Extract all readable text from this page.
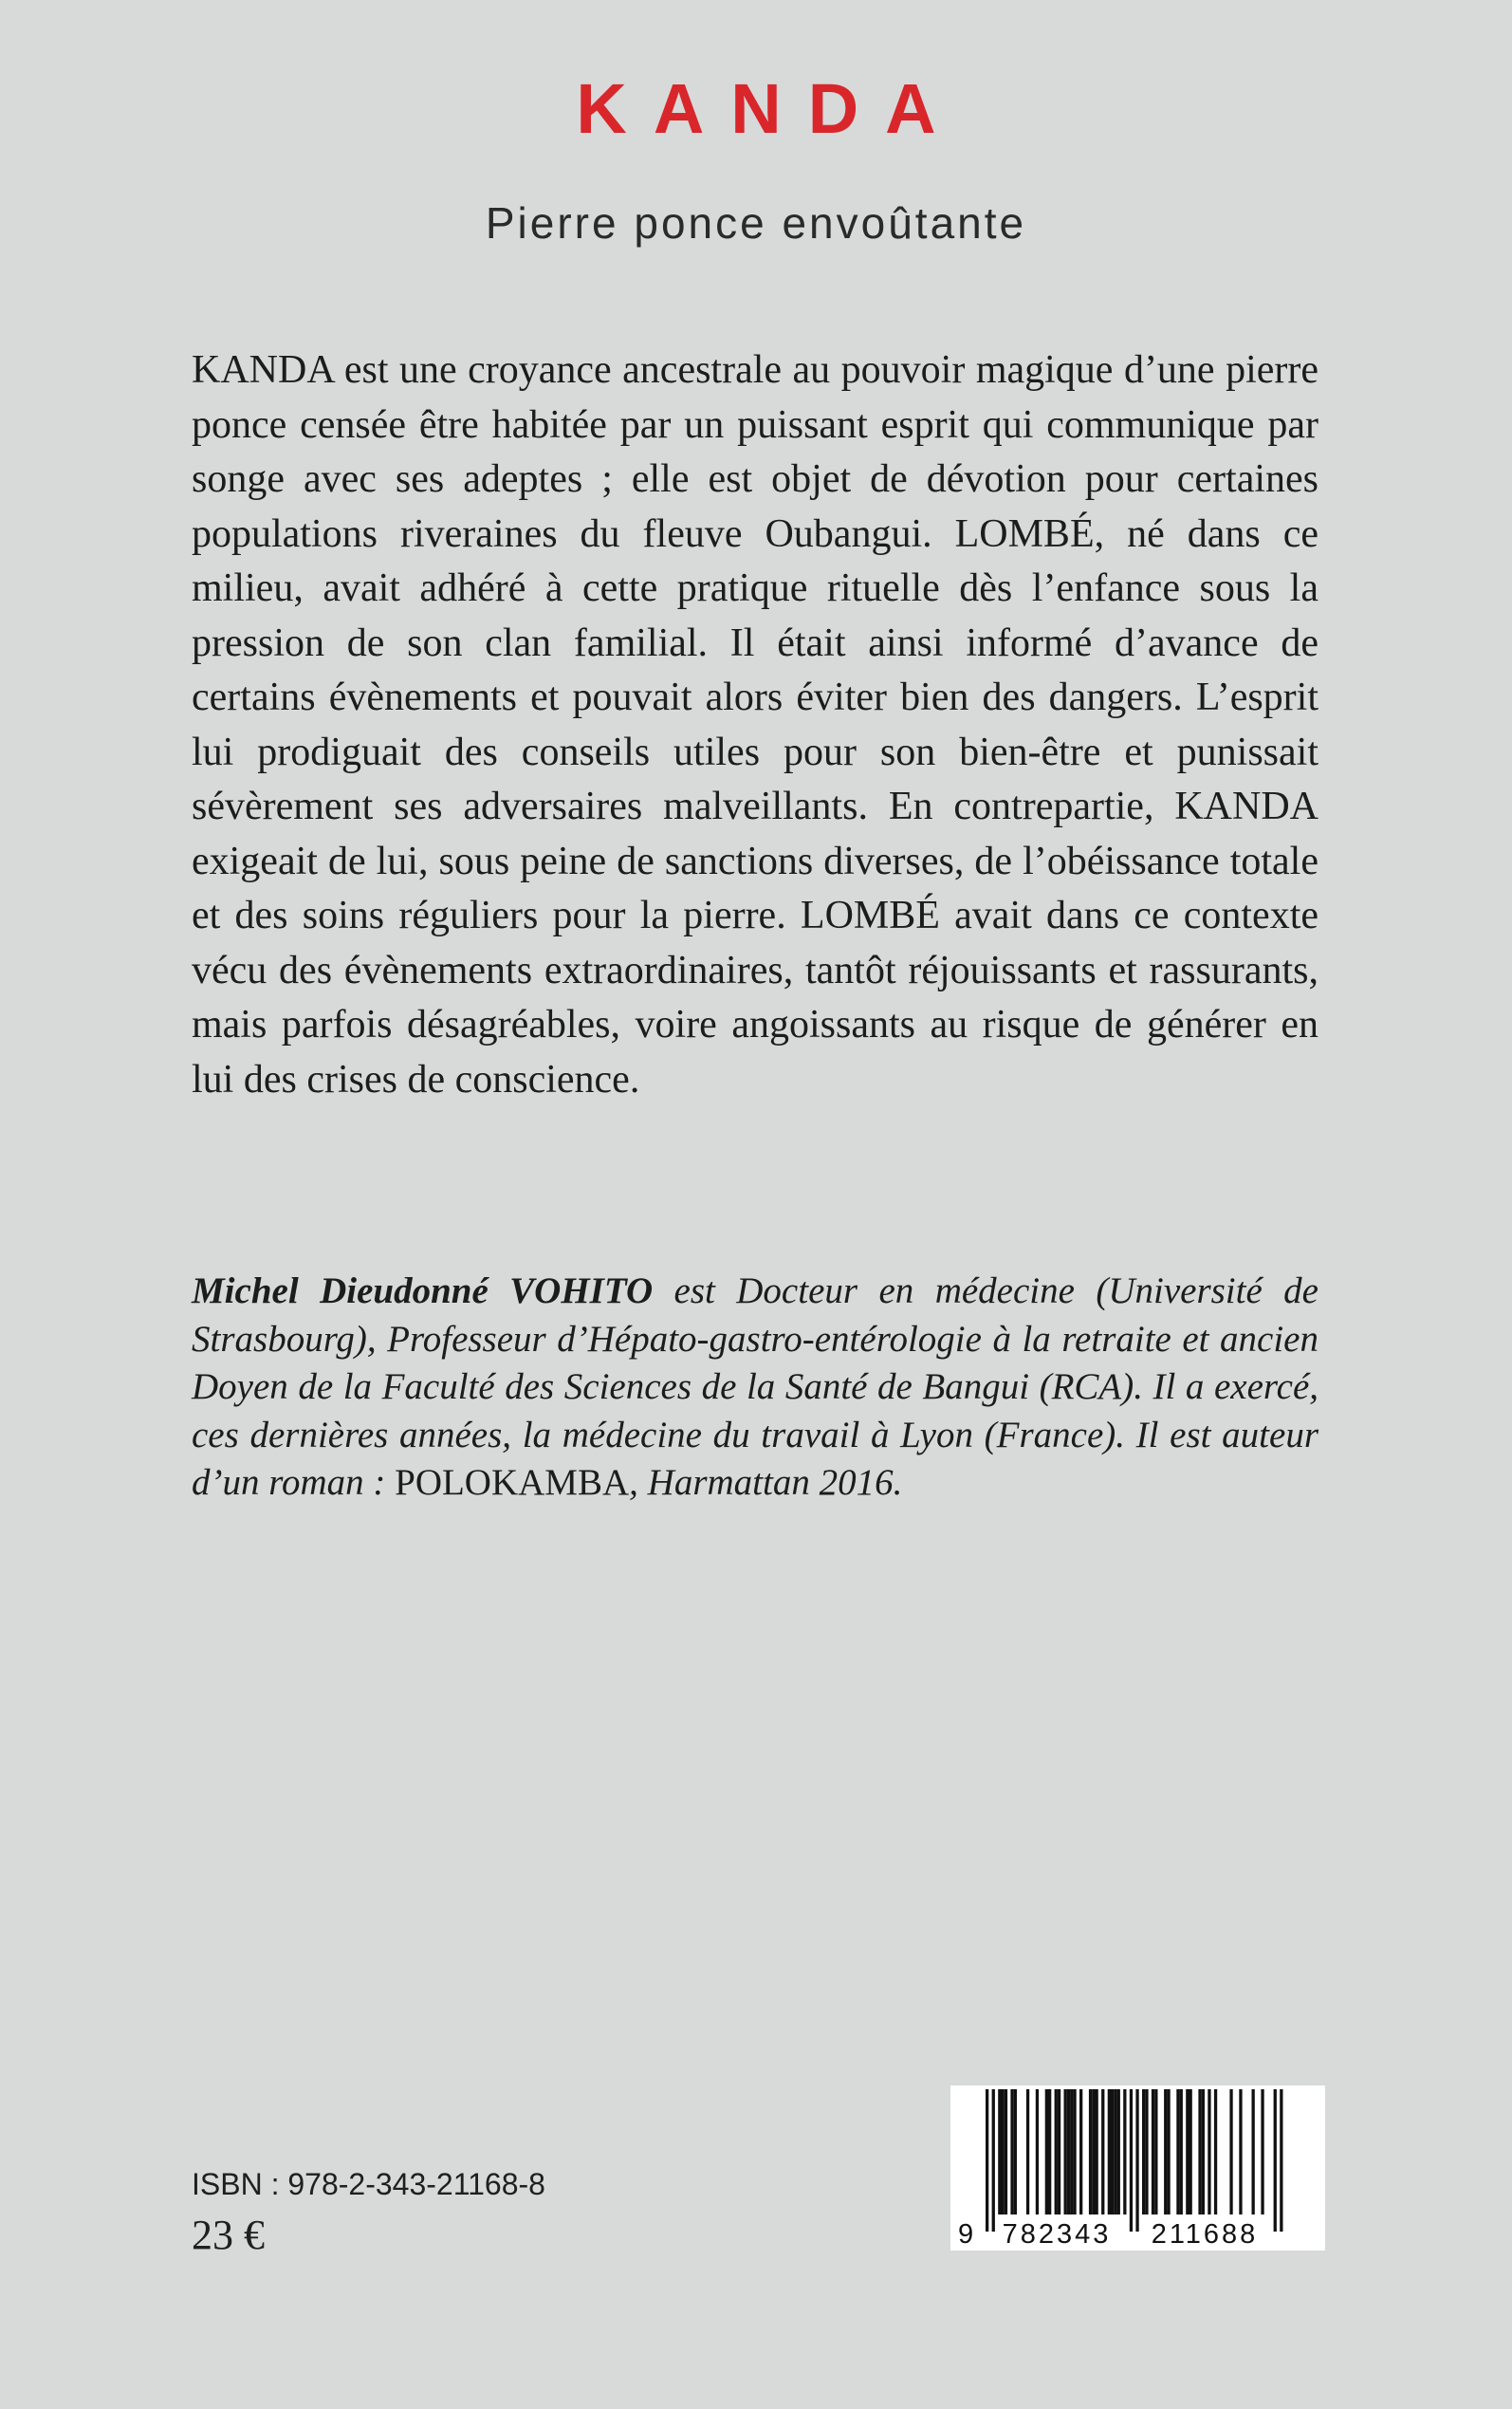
KANDA

Pierre ponce envoûtante

KANDA est une croyance ancestrale au pouvoir magique d’une pierre ponce censée être habitée par un puissant esprit qui communique par songe avec ses adeptes ; elle est objet de dévotion pour certaines populations riveraines du fleuve Oubangui. LOMBÉ, né dans ce milieu, avait adhéré à cette pratique rituelle dès l’enfance sous la pression de son clan familial. Il était ainsi informé d’avance de certains évènements et pouvait alors éviter bien des dangers. L’esprit lui prodiguait des conseils utiles pour son bien-être et punissait sévèrement ses adversaires malveillants. En contrepartie, KANDA exigeait de lui, sous peine de sanctions diverses, de l’obéissance totale et des soins réguliers pour la pierre. LOMBÉ avait dans ce contexte vécu des évènements extraordinaires, tantôt réjouissants et rassurants, mais parfois désagréables, voire angoissants au risque de générer en lui des crises de conscience.

Michel Dieudonné VOHITO est Docteur en médecine (Université de Strasbourg), Professeur d’Hépato-gastro-entérologie à la retraite et ancien Doyen de la Faculté des Sciences de la Santé de Bangui (RCA). Il a exercé, ces dernières années, la médecine du travail à Lyon (France). Il est auteur d’un roman : POLOKAMBA, Harmattan 2016.

ISBN : 978-2-343-21168-8

23 €	9 782343 211688
